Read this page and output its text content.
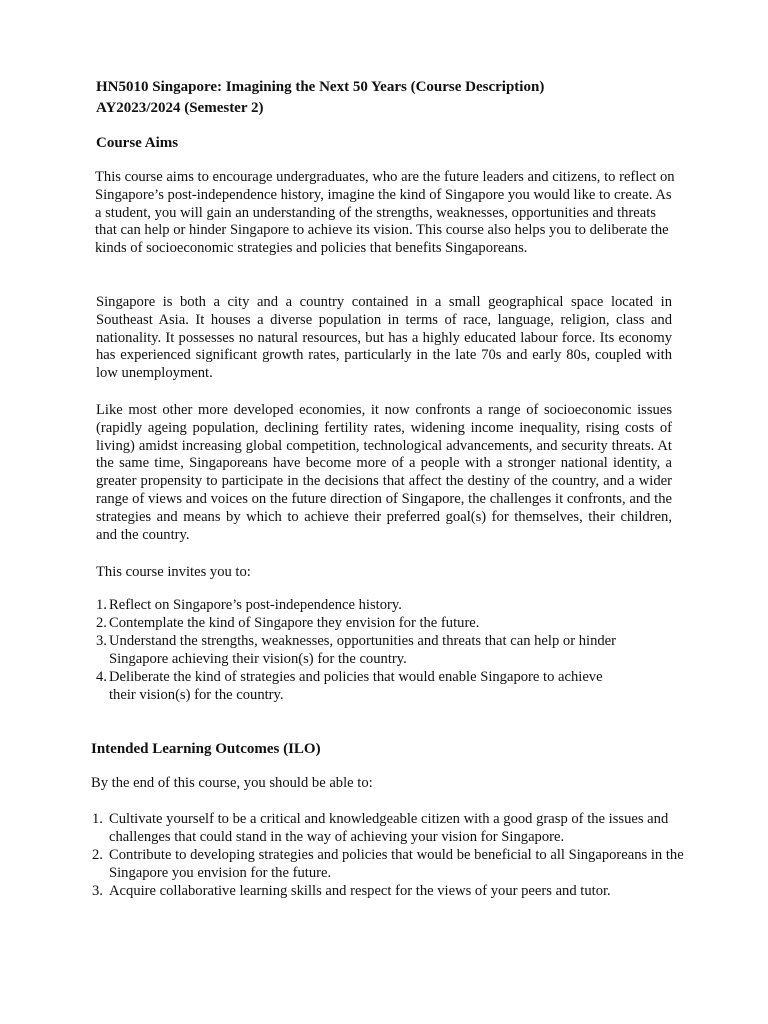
HN5010 Singapore: Imagining the Next 50 Years (Course Description)
AY2023/2024 (Semester 2)
Course Aims
This course aims to encourage undergraduates, who are the future leaders and citizens, to reflect on Singapore’s post-independence history, imagine the kind of Singapore you would like to create. As a student, you will gain an understanding of the strengths, weaknesses, opportunities and threats that can help or hinder Singapore to achieve its vision. This course also helps you to deliberate the kinds of socioeconomic strategies and policies that benefits Singaporeans.
Singapore is both a city and a country contained in a small geographical space located in Southeast Asia. It houses a diverse population in terms of race, language, religion, class and nationality. It possesses no natural resources, but has a highly educated labour force. Its economy has experienced significant growth rates, particularly in the late 70s and early 80s, coupled with low unemployment.
Like most other more developed economies, it now confronts a range of socioeconomic issues (rapidly ageing population, declining fertility rates, widening income inequality, rising costs of living) amidst increasing global competition, technological advancements, and security threats. At the same time, Singaporeans have become more of a people with a stronger national identity, a greater propensity to participate in the decisions that affect the destiny of the country, and a wider range of views and voices on the future direction of Singapore, the challenges it confronts, and the strategies and means by which to achieve their preferred goal(s) for themselves, their children, and the country.
This course invites you to:
1. Reflect on Singapore’s post-independence history.
2. Contemplate the kind of Singapore they envision for the future.
3. Understand the strengths, weaknesses, opportunities and threats that can help or hinder Singapore achieving their vision(s) for the country.
4. Deliberate the kind of strategies and policies that would enable Singapore to achieve their vision(s) for the country.
Intended Learning Outcomes (ILO)
By the end of this course, you should be able to:
1. Cultivate yourself to be a critical and knowledgeable citizen with a good grasp of the issues and challenges that could stand in the way of achieving your vision for Singapore.
2. Contribute to developing strategies and policies that would be beneficial to all Singaporeans in the Singapore you envision for the future.
3. Acquire collaborative learning skills and respect for the views of your peers and tutor.
